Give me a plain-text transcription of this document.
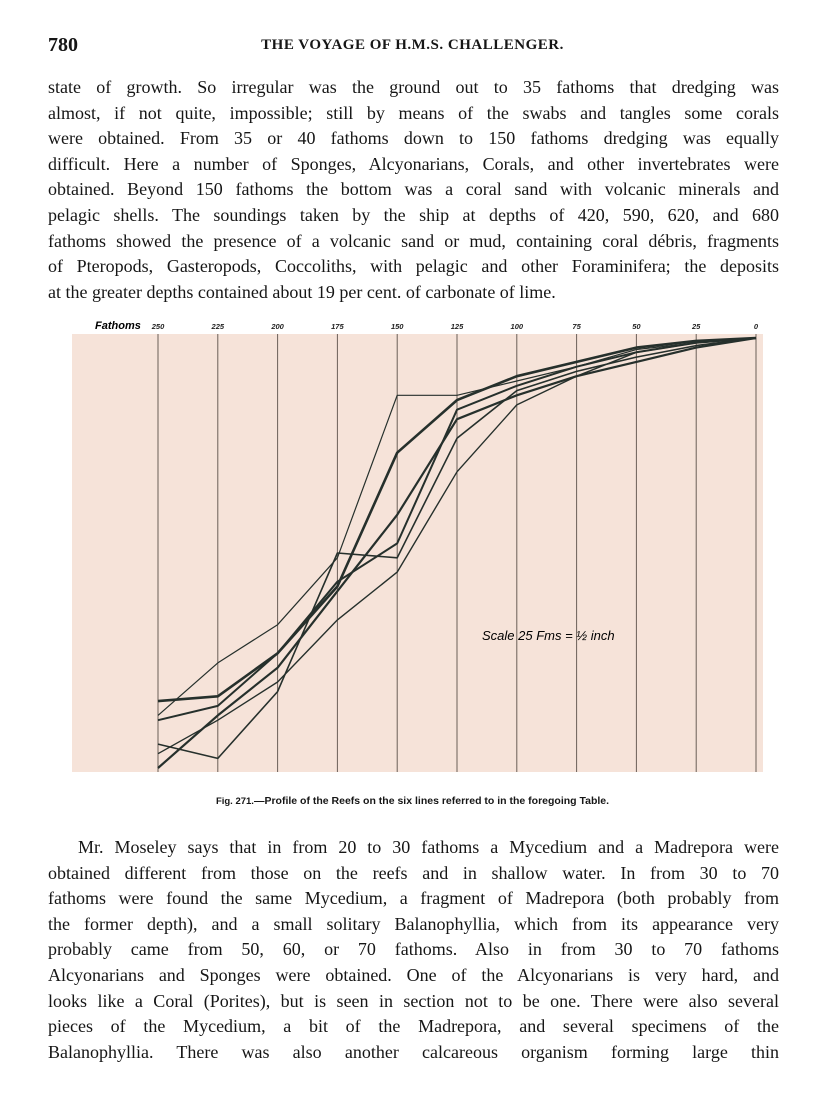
780	THE VOYAGE OF H.M.S. CHALLENGER.
state of growth. So irregular was the ground out to 35 fathoms that dredging was
almost, if not quite, impossible; still by means of the swabs and tangles some corals
were obtained. From 35 or 40 fathoms down to 150 fathoms dredging was equally
difficult. Here a number of Sponges, Alcyonarians, Corals, and other invertebrates were
obtained. Beyond 150 fathoms the bottom was a coral sand with volcanic minerals and
pelagic shells. The soundings taken by the ship at depths of 420, 590, 620, and 680
fathoms showed the presence of a volcanic sand or mud, containing coral débris, fragments
of Pteropods, Gasteropods, Coccoliths, with pelagic and other Foraminifera; the deposits
at the greater depths contained about 19 per cent. of carbonate of lime.
Fathoms 250	225	200	175	150	125	100	75	50	25	0
Scale 25 Fms = ½ inch
Fig. 271.—Profile of the Reefs on the six lines referred to in the foregoing Table.
Mr. Moseley says that in from 20 to 30 fathoms a Mycedium and a Madrepora were
obtained different from those on the reefs and in shallow water. In from 30 to 70
fathoms were found the same Mycedium, a fragment of Madrepora (both probably from
the former depth), and a small solitary Balanophyllia, which from its appearance very
probably came from 50, 60, or 70 fathoms. Also in from 30 to 70 fathoms
Alcyonarians and Sponges were obtained. One of the Alcyonarians is very hard, and
looks like a Coral (Porites), but is seen in section not to be one. There were also several
pieces of the Mycedium, a bit of the Madrepora, and several specimens of the
Balanophyllia. There was also another calcareous organism forming large thin
